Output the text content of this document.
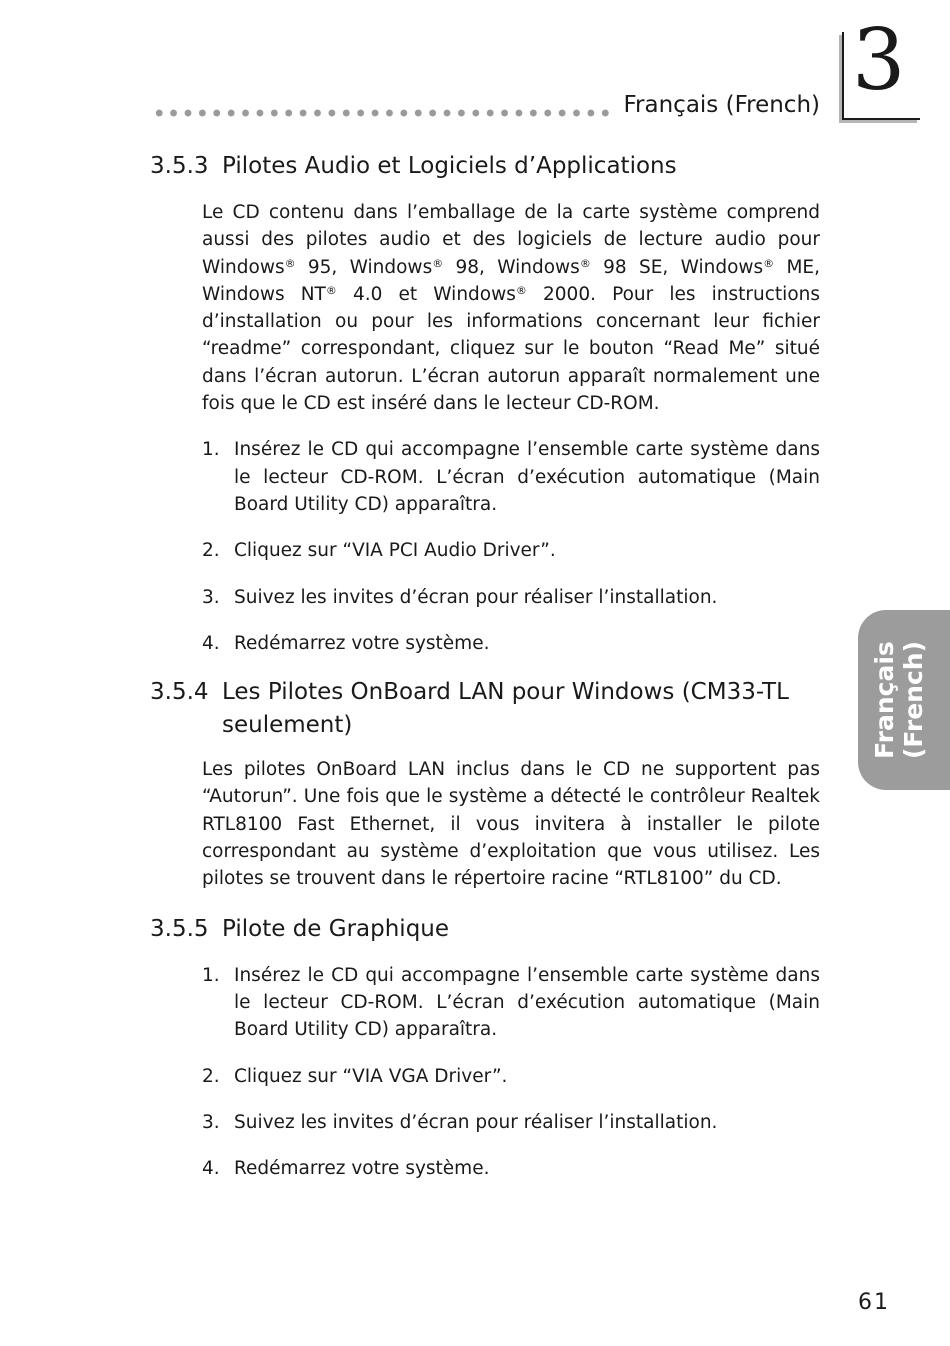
Français (French) 3
Français (French)
3.5.3 Pilotes Audio et Logiciels d’Applications

Le CD contenu dans l’emballage de la carte système comprend aussi des pilotes audio et des logiciels de lecture audio pour Windows® 95, Windows® 98, Windows® 98 SE, Windows® ME, Windows NT® 4.0 et Windows® 2000. Pour les instructions d’installation ou pour les informations concernant leur fichier “readme” correspondant, cliquez sur le bouton “Read Me” situé dans l’écran autorun. L’écran autorun apparaît normalement une fois que le CD est inséré dans le lecteur CD-ROM.

1. Insérez le CD qui accompagne l’ensemble carte système dans le lecteur CD-ROM. L’écran d’exécution automatique (Main Board Utility CD) apparaîtra.
2. Cliquez sur “VIA PCI Audio Driver”.
3. Suivez les invites d’écran pour réaliser l’installation.
4. Redémarrez votre système.
3.5.4 Les Pilotes OnBoard LAN pour Windows (CM33-TL seulement)

Les pilotes OnBoard LAN inclus dans le CD ne supportent pas “Autorun”. Une fois que le système a détecté le contrôleur Realtek RTL8100 Fast Ethernet, il vous invitera à installer le pilote correspondant au système d’exploitation que vous utilisez. Les pilotes se trouvent dans le répertoire racine “RTL8100” du CD.

3.5.5 Pilote de Graphique
1. Insérez le CD qui accompagne l’ensemble carte système dans le lecteur CD-ROM. L’écran d’exécution automatique (Main Board Utility CD) apparaîtra.
2. Cliquez sur “VIA VGA Driver”.
3. Suivez les invites d’écran pour réaliser l’installation.
4. Redémarrez votre système.
61
